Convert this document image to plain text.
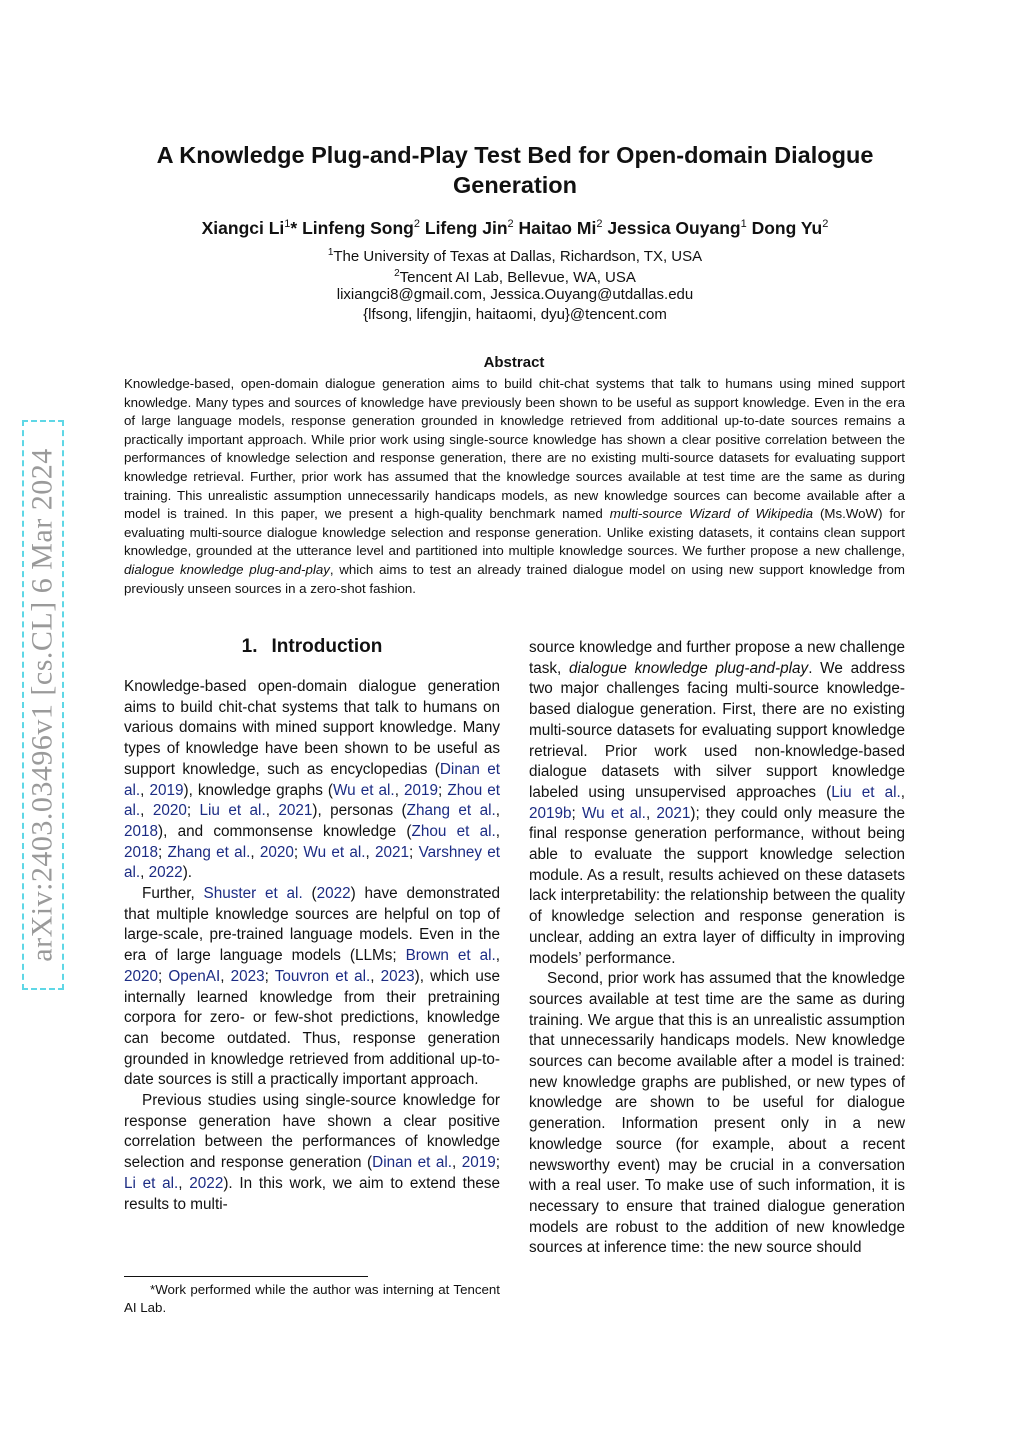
arXiv:2403.03496v1 [cs.CL] 6 Mar 2024
A Knowledge Plug-and-Play Test Bed for Open-domain Dialogue Generation
Xiangci Li$^1$* Linfeng Song$^2$ Lifeng Jin$^2$ Haitao Mi$^2$ Jessica Ouyang$^1$ Dong Yu$^2$
$^1$The University of Texas at Dallas, Richardson, TX, USA
$^2$Tencent AI Lab, Bellevue, WA, USA
lixiangci8@gmail.com, Jessica.Ouyang@utdallas.edu
{lfsong, lifengjin, haitaomi, dyu}@tencent.com
Abstract
Knowledge-based, open-domain dialogue generation aims to build chit-chat systems that talk to humans using mined support knowledge. Many types and sources of knowledge have previously been shown to be useful as support knowledge. Even in the era of large language models, response generation grounded in knowledge retrieved from additional up-to-date sources remains a practically important approach. While prior work using single-source knowledge has shown a clear positive correlation between the performances of knowledge selection and response generation, there are no existing multi-source datasets for evaluating support knowledge retrieval. Further, prior work has assumed that the knowledge sources available at test time are the same as during training. This unrealistic assumption unnecessarily handicaps models, as new knowledge sources can become available after a model is trained. In this paper, we present a high-quality benchmark named multi-source Wizard of Wikipedia (Ms.WoW) for evaluating multi-source dialogue knowledge selection and response generation. Unlike existing datasets, it contains clean support knowledge, grounded at the utterance level and partitioned into multiple knowledge sources. We further propose a new challenge, dialogue knowledge plug-and-play, which aims to test an already trained dialogue model on using new support knowledge from previously unseen sources in a zero-shot fashion.
1. Introduction

Knowledge-based open-domain dialogue generation aims to build chit-chat systems that talk to humans on various domains with mined support knowledge. Many types of knowledge have been shown to be useful as support knowledge, such as encyclopedias (Dinan et al., 2019), knowledge graphs (Wu et al., 2019; Zhou et al., 2020; Liu et al., 2021), personas (Zhang et al., 2018), and commonsense knowledge (Zhou et al., 2018; Zhang et al., 2020; Wu et al., 2021; Varshney et al., 2022).

Further, Shuster et al. (2022) have demonstrated that multiple knowledge sources are helpful on top of large-scale, pre-trained language models. Even in the era of large language models (LLMs; Brown et al., 2020; OpenAI, 2023; Touvron et al., 2023), which use internally learned knowledge from their pretraining corpora for zero- or few-shot predictions, knowledge can become outdated. Thus, response generation grounded in knowledge retrieved from additional up-to-date sources is still a practically important approach.

Previous studies using single-source knowledge for response generation have shown a clear positive correlation between the performances of knowledge selection and response generation (Dinan et al., 2019; Li et al., 2022). In this work, we aim to extend these results to multi-

source knowledge and further propose a new challenge task, dialogue knowledge plug-and-play. We address two major challenges facing multi-source knowledge-based dialogue generation. First, there are no existing multi-source datasets for evaluating support knowledge retrieval. Prior work used non-knowledge-based dialogue datasets with silver support knowledge labeled using unsupervised approaches (Liu et al., 2019b; Wu et al., 2021); they could only measure the final response generation performance, without being able to evaluate the support knowledge selection module. As a result, results achieved on these datasets lack interpretability: the relationship between the quality of knowledge selection and response generation is unclear, adding an extra layer of difficulty in improving models’ performance.

Second, prior work has assumed that the knowledge sources available at test time are the same as during training. We argue that this is an unrealistic assumption that unnecessarily handicaps models. New knowledge sources can become available after a model is trained: new knowledge graphs are published, or new types of knowledge are shown to be useful for dialogue generation. Information present only in a new knowledge source (for example, about a recent newsworthy event) may be crucial in a conversation with a real user. To make use of such information, it is necessary to ensure that trained dialogue generation models are robust to the addition of new knowledge sources at inference time: the new source should

*Work performed while the author was interning at Tencent AI Lab.
